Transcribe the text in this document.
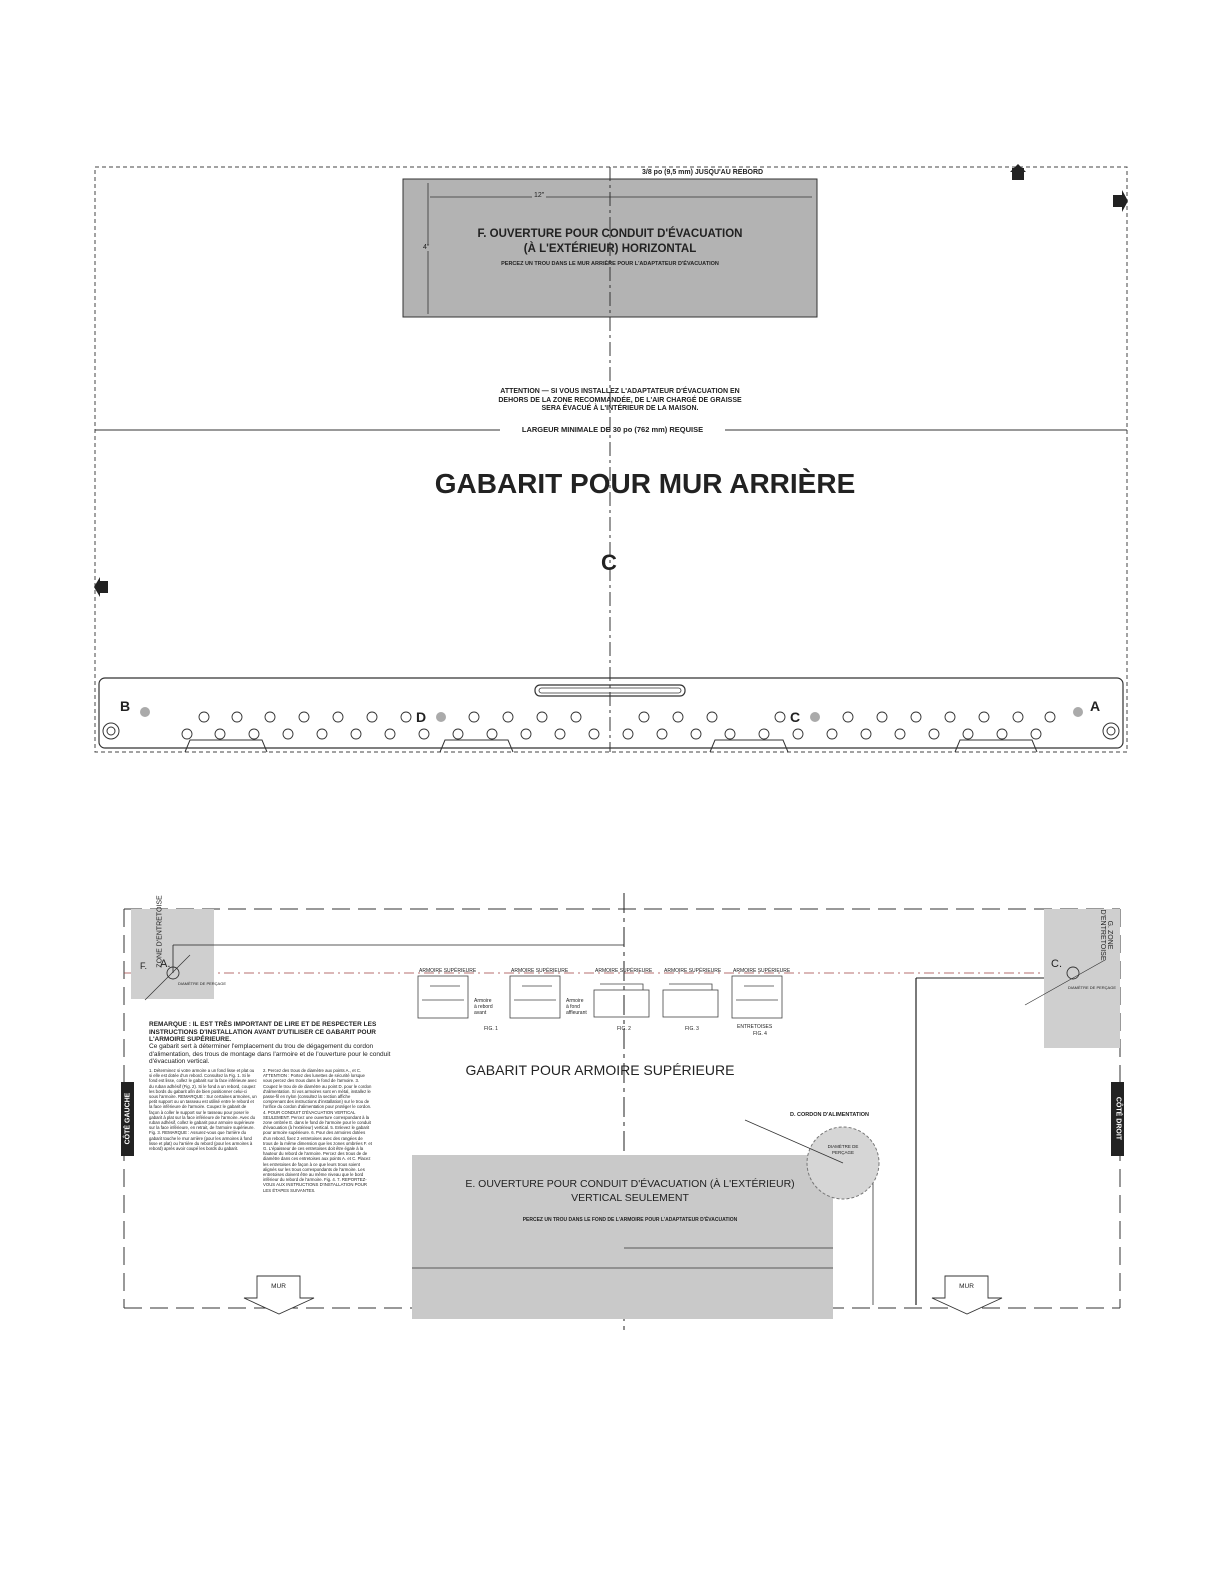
3/8 po (9,5 mm) JUSQU'AU REBORD
12"
4"
F. OUVERTURE POUR CONDUIT D'ÉVACUATION
(À L'EXTÉRIEUR) HORIZONTAL
PERCEZ UN TROU DANS LE MUR ARRIÈRE POUR L'ADAPTATEUR D'ÉVACUATION
ATTENTION — SI VOUS INSTALLEZ L'ADAPTATEUR D'ÉVACUATION EN
DEHORS DE LA ZONE RECOMMANDÉE, DE L'AIR CHARGÉ DE GRAISSE
SERA ÉVACUÉ À L'INTÉRIEUR DE LA MAISON.
LARGEUR MINIMALE DE 30 po (762 mm) REQUISE
GABARIT POUR MUR ARRIÈRE
C
B
D	C
A
ZONE D'ENTRETOISE
F. A.
DIAMÈTRE DE PERÇAGE
G. ZONE D'ENTRETOISE
C.
DIAMÈTRE DE PERÇAGE
ARMOIRE SUPÉRIEURE	ARMOIRE SUPÉRIEURE	ARMOIRE SUPÉRIEURE ARMOIRE SUPÉRIEURE ARMOIRE SUPÉRIEURE
Armoire à rebord avant
Armoire à fond affleurant
ENTRETOISES
FIG. 1	FIG. 2	FIG. 3
FIG. 4
REMARQUE : IL EST TRÈS IMPORTANT DE LIRE ET DE RESPECTER LES INSTRUCTIONS D'INSTALLATION AVANT D'UTILISER CE GABARIT POUR L'ARMOIRE SUPÉRIEURE.
Ce gabarit sert à déterminer l'emplacement du trou de dégagement du cordon d'alimentation, des trous de montage dans l'armoire et de l'ouverture pour le conduit d'évacuation vertical.
1. Déterminez si votre armoire a un fond lisse et plat ou si elle est dotée d'un rebord. Consultez la Fig. 1. Si le fond est lisse, collez le gabarit sur la face inférieure avec du ruban adhésif (Fig. 2). Si le fond a un rebord, coupez les bords du gabarit afin de bien positionner celui-ci sous l'armoire. REMARQUE : Sur certaines armoires, un petit support ou un tasseau est utilisé entre le rebord et la face inférieure de l'armoire. Coupez le gabarit de façon à coller le support sur le tasseau pour poser le gabarit à plat sur la face inférieure de l'armoire. Avec du ruban adhésif, collez le gabarit pour armoire supérieure sur la face inférieure, en retrait, de l'armoire supérieure. Fig. 3. REMARQUE : Assurez-vous que l'arrière du gabarit touche le mur arrière (pour les armoires à fond lisse et plat) ou l'arrière du rebord (pour les armoires à rebord) après avoir coupé les bords du gabarit.
2. Percez des trous de diamètre aux points A., et C. ATTENTION : Portez des lunettes de sécurité lorsque vous percez des trous dans le fond de l'armoire. 3. Coupez le trou de de diamètre au point D. pour le cordon d'alimentation. Si vos armoires sont en métal, installez le passe-fil en nylon (consultez la section affiche comprenant des instructions d'installation) sur le trou de l'orifice du cordon d'alimentation pour protéger le cordon. 4. POUR CONDUIT D'ÉVACUATION VERTICAL SEULEMENT. Percez une ouverture correspondant à la zone ombrée E. dans le fond de l'armoire pour le conduit d'évacuation (à l'extérieur) vertical. 5. Enlevez le gabarit pour armoire supérieure. 6. Pour des armoires dotées d'un rebord, fixez 2 entretoises avec des rangées de trous de la même dimension que les zones ombrées F. et G. L'épaisseur de ces entretoises doit être égale à la hauteur du rebord de l'armoire. Percez des trous de de diamètre dans ces entretoises aux points A. et C. Placez les entretoises de façon à ce que leurs trous soient alignés sur les trous correspondants de l'armoire. Les entretoises doivent être au même niveau que le bord inférieur du rebord de l'armoire. Fig. 4. 7. REPORTEZ-VOUS AUX INSTRUCTIONS D'INSTALLATION POUR LES ÉTAPES SUIVANTES.
GABARIT POUR ARMOIRE SUPÉRIEURE
D. CORDON D'ALIMENTATION
DIAMÈTRE DE PERÇAGE
E. OUVERTURE POUR CONDUIT D'ÉVACUATION (À L'EXTÉRIEUR)
VERTICAL SEULEMENT
PERCEZ UN TROU DANS LE FOND DE L'ARMOIRE POUR L'ADAPTATEUR D'ÉVACUATION
CÔTÉ GAUCHE	CÔTÉ DROIT
MUR	MUR
